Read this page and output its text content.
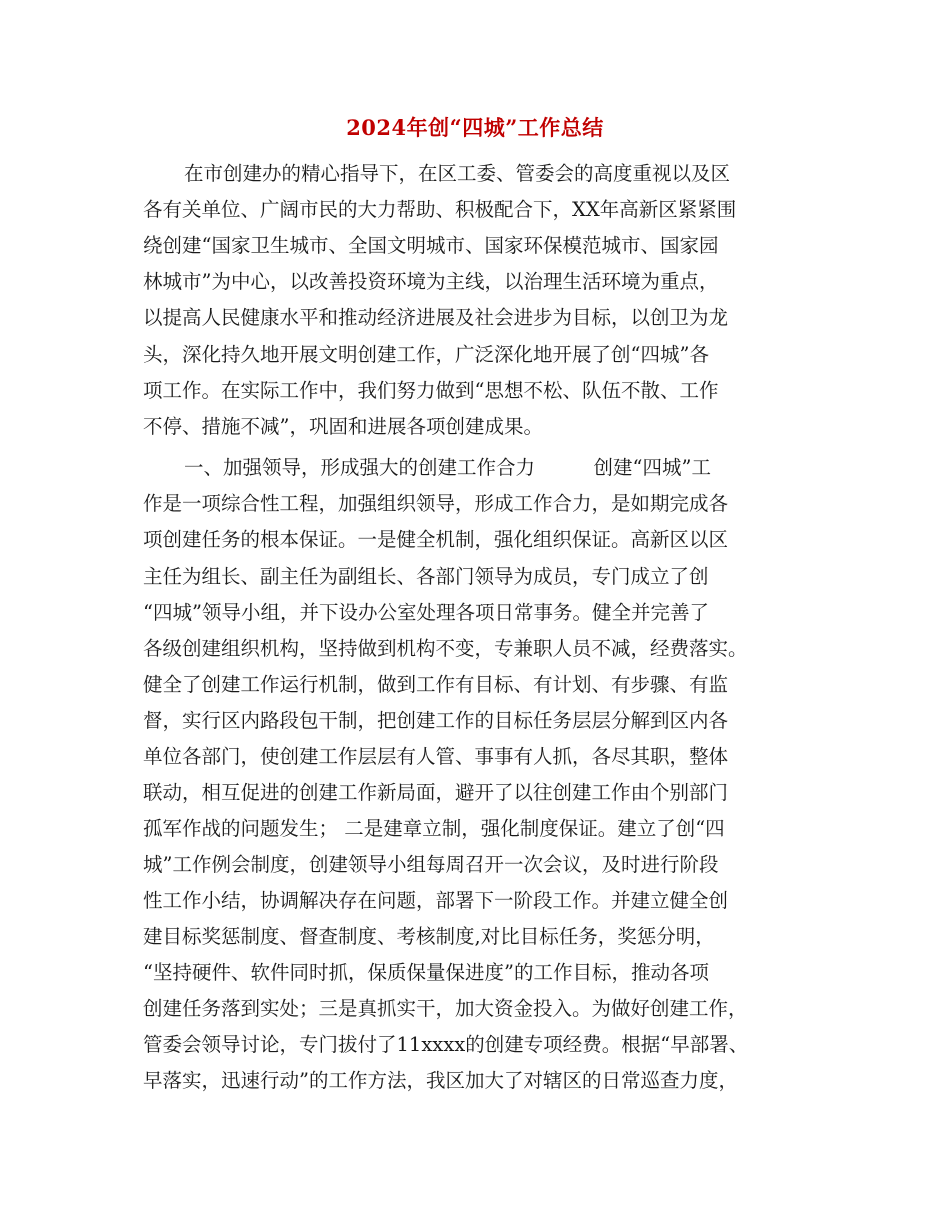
2024年创“四城”工作总结
在市创建办的精心指导下，在区工委、管委会的高度重视以及区
各有关单位、广阔市民的大力帮助、积极配合下，XX年高新区紧紧围
绕创建“国家卫生城市、全国文明城市、国家环保模范城市、国家园
林城市”为中心，以改善投资环境为主线，以治理生活环境为重点，
以提高人民健康水平和推动经济进展及社会进步为目标，以创卫为龙
头，深化持久地开展文明创建工作，广泛深化地开展了创“四城”各
项工作。在实际工作中，我们努力做到“思想不松、队伍不散、工作
不停、措施不减”，巩固和进展各项创建成果。
一、加强领导，形成强大的创建工作合力　　　创建“四城”工
作是一项综合性工程，加强组织领导，形成工作合力，是如期完成各
项创建任务的根本保证。一是健全机制，强化组织保证。高新区以区
主任为组长、副主任为副组长、各部门领导为成员，专门成立了创
“四城”领导小组，并下设办公室处理各项日常事务。健全并完善了
各级创建组织机构，坚持做到机构不变，专兼职人员不减，经费落实。
健全了创建工作运行机制，做到工作有目标、有计划、有步骤、有监
督，实行区内路段包干制，把创建工作的目标任务层层分解到区内各
单位各部门，使创建工作层层有人管、事事有人抓，各尽其职，整体
联动，相互促进的创建工作新局面，避开了以往创建工作由个别部门
孤军作战的问题发生； 二是建章立制，强化制度保证。建立了创“四
城”工作例会制度，创建领导小组每周召开一次会议，及时进行阶段
性工作小结，协调解决存在问题，部署下一阶段工作。并建立健全创
建目标奖惩制度、督查制度、考核制度,对比目标任务，奖惩分明，
“坚持硬件、软件同时抓，保质保量保进度”的工作目标，推动各项
创建任务落到实处；三是真抓实干，加大资金投入。为做好创建工作，
管委会领导讨论，专门拔付了11xxxx的创建专项经费。根据“早部署、
早落实，迅速行动”的工作方法，我区加大了对辖区的日常巡查力度，
